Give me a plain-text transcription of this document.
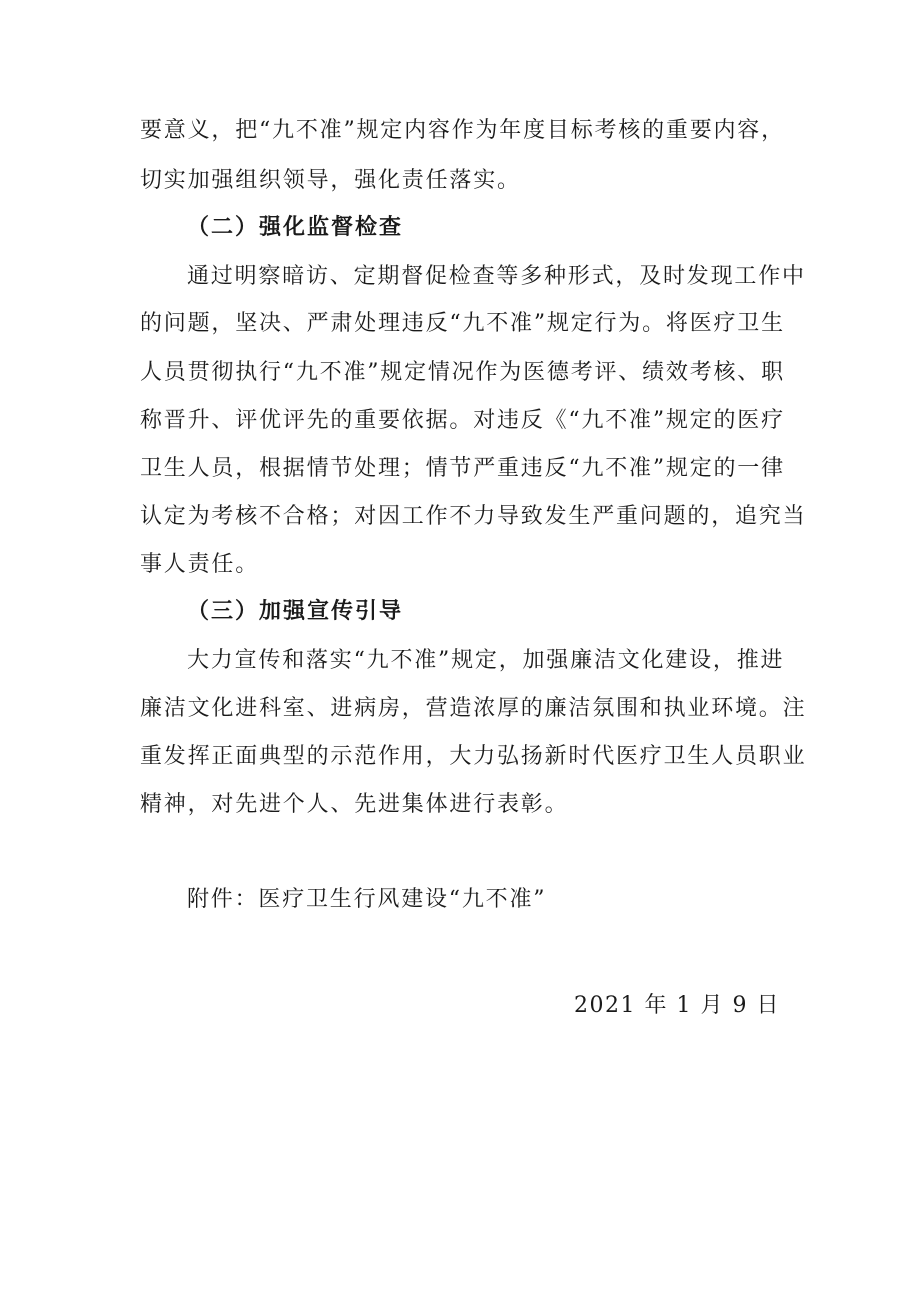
要意义，把“九不准”规定内容作为年度目标考核的重要内容，
切实加强组织领导，强化责任落实。
（二）强化监督检查
通过明察暗访、定期督促检查等多种形式，及时发现工作中
的问题，坚决、严肃处理违反“九不准”规定行为。将医疗卫生
人员贯彻执行“九不准”规定情况作为医德考评、绩效考核、职
称晋升、评优评先的重要依据。对违反《“九不准”规定的医疗
卫生人员，根据情节处理；情节严重违反“九不准”规定的一律
认定为考核不合格；对因工作不力导致发生严重问题的，追究当
事人责任。
（三）加强宣传引导
大力宣传和落实“九不准”规定，加强廉洁文化建设，推进
廉洁文化进科室、进病房，营造浓厚的廉洁氛围和执业环境。注
重发挥正面典型的示范作用，大力弘扬新时代医疗卫生人员职业
精神，对先进个人、先进集体进行表彰。
附件：医疗卫生行风建设“九不准”
2021 年 1 月 9 日
